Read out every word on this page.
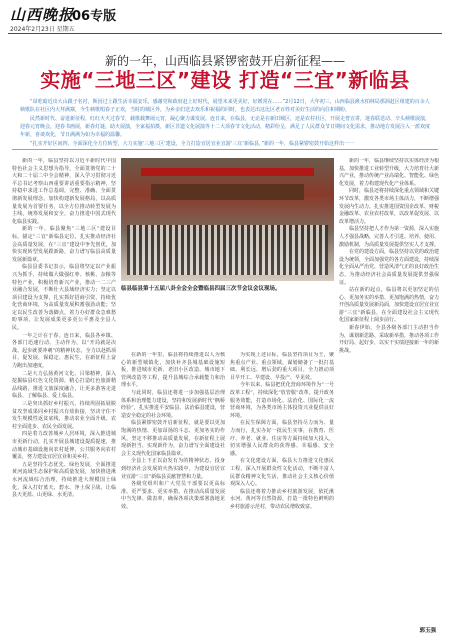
山西晚报
06专版
2024年2月23日 星期五
新的一年，山西临县紧锣密鼓开启新征程——
实施“三地三区”建设 打造“三宜”新临县

“昂吃暗近出大山跟子名衬，斯因过上跟生活幸福安乐，感谢党和政府赶上好时代，展望未来更美好，好媛常在……”2月12日，大年初三，山西临县湫水柏林局那洞赶区组建的百余人秧歌队在社区内大拜满寨，今生秧歌唱春子正欢，当时的城区外，为乡亲们送去欢乐和祝福的同时，也表达出这比区老百姓对美好生活的向往和期盼。

民然新时代、奋进新征程，红红火火过春节，载歌载舞闹元宵，凝心聚力谋发展。连日来，在临县，无论是在新田城区，还是农村社区，开展走普宣讲，迷春联送动、辛头秧歌展演，迎春元宵晚会，迎春书画展，新春灯谜，助火展演，全家福拍摄，新区非遗文化展演等十二大项春节文化活动，精彩纷呈，满足了人民群众节日期间文化需求，推动地方发展注入一派欢度年新，喜谈欢化，节日满满为如为幸福的温馨。

“扎实开好区间四，全面深化全方位转型，大力实施‘三地三区’建设，全力打造宜居宜业宜游‘三宜’新临县，”新的一年，临县紧锣密鼓开始这样出一一

新的一年，临县坚持以习近平新时代中国特色社会主义思想为指导，全面贯彻党的二十大和二十届二中全会精神，深入学习贯彻习近平总书记考察山西重要讲话重要指示精神，坚持稳中求进工作总基调，完整、准确、全面贯彻新发展理念，加快构建新发展格局，以高质量发展为首要任务，以全方位推动转型发展为主线，统筹发展和安全，奋力推进中国式现代化临县实践。

新的一年，临县聚焦“三地三区”建设目标，锚定“三宜”新临县定位，扎实推动经济社会高质量发展，在“三宜”建设中争先创优，加快实现转型发展蹚新路，奋力谱写临县高质量发展新篇章。

临县县委书记表示，临县将坚定以产业振兴为抓手，持续做大做强红枣、核桃、杂粮等特色产业，积极培育新兴产业，推动一二三产业融合发展，不断壮大县域经济实力；坚定以项目建设为支撑，扎实抓好招商引资，持续优化营商环境，为高质量发展积蓄强劲动能；坚定以民生改善为落脚点，着力办好群众急难愁盼事项，让发展成果更多更公平惠及全县人民。

一年之计在于春。连日来，临县各乡镇、各部门迅速行动、主动作为，以“开局就是决战、起步就要冲刺”的精神状态，全力以赴抓项目、促发展、保稳定、惠民生，在新征程上奋力跑出加速度。

二是大力弘扬黄河文化、吕梁精神，深入挖掘临县红色文化资源，精心打造红色旅游精品线路，推进文旅深度融合，让更多游客走进临县、了解临县、爱上临县。

三是突出抓好乡村振兴，持续巩固拓展脱贫攻坚成果同乡村振兴有效衔接，坚决守住不发生规模性返贫底线，推动农业全面升级、农村全面进步、农民全面发展。

四是着力改善城乡人居环境，深入推进城市更新行动，扎实开展县城建设提质提速，推动城市基础设施向农村延伸、公共服务向农村覆盖，努力建设宜居宜业和美乡村。

五是坚持生态优先、绿色发展，全面推进黄河流域生态保护和高质量发展，加快推进湫水河流域综合治理，持续推进大规模国土绿化，深入打好蓝天、碧水、净土保卫战，让临县天更蓝、山更绿、水更清。

临县临县第十五届八卦全会全会暨临县四届三次节会议会议现场。

在新的一年里，临县将持续推进以人为核心的新型城镇化，加快补齐县城基础设施短板，推进城市更新、老旧小区改造、城市地下管网改造等工程，提升县城综合承载能力和治理水平。

与此同时，临县还将进一步加强基层治理体系和治理能力建设，坚持和发展新时代“枫桥经验”，扎实推进平安临县、法治临县建设，营造安全稳定的社会环境。

临县紧锣密鼓开启新征程，就是要以更加饱满的热情、更加昂扬的斗志、更加务实的作风，坚定不移推动高质量发展，在新征程上展现新担当、实现新作为，奋力谱写全面建设社会主义现代化国家临县篇章。

全县上下正以奋发有为的精神状态，投身到经济社会发展的火热实践中，为建设宜居宜业宜游“三宜”新临县贡献智慧和力量。

各级党组织和广大党员干部要以更高标准、更严要求、更实举措，在推动高质量发展中当先锋、做表率，确保各项决策部署落地见效。

为实现上述目标，临县坚持项目为王，聚焦重点产业、重点领域，谋划储备了一批打基础、利长远、增后劲的重大项目，全力推动项目早开工、早建设、早投产、早见效。

今年以来，临县把优化营商环境作为“一号改革工程”，持续深化“放管服”改革，提升政务服务效能，打造市场化、法治化、国际化一流营商环境，为各类市场主体投资兴业提供良好环境。

在民生保障方面，临县坚持尽力而为、量力而行，扎实办好一批民生实事，在教育、医疗、养老、就业、住房等方面持续加大投入，切实增强人民群众的获得感、幸福感、安全感。

在文化建设方面，临县大力推进文化惠民工程，深入开展群众性文化活动，不断丰富人民群众精神文化生活，推动社会主义核心价值观深入人心。

临县还将着力推动乡村旅游发展，依托湫水河、黄河等自然资源，打造一批特色鲜明的乡村旅游示范村，带动农民增收致富。

新的一年，临县继续坚持以实体经济为根基，加快推进工业转型升级，大力培育壮大新兴产业，推动传统产业高端化、智能化、绿色化发展，着力构建现代化产业体系。

同时，临县还将持续深化重点领域和关键环节改革，激发各类市场主体活力，不断增强发展内生动力。扎实推进国资国企改革、财税金融改革、农业农村改革，以改革促发展、以改革增活力。

临县坚持把人才作为第一资源，深入实施人才强县战略，完善人才引进、培养、使用、激励机制，为高质量发展提供坚实人才支撑。

在党的建设方面，临县坚持以党的政治建设为统领，全面加强党的各方面建设，持续深化全面从严治党，营造风清气正的良好政治生态，为推动经济社会高质量发展提供坚强保证。

站在新的起点，临县将以更加坚定的信心、更加务实的举措、更加饱满的热情，奋力开创高质量发展新局面，加快建设宜居宜业宜游“三宜”新临县，在全面建设社会主义现代化国家新征程上阔步前行。

新春伊始，全县各级各部门主动担当作为，谋划新思路、采取新举措，推动各项工作开好局、起好步，以实干实绩迎接新一年的新挑战。

郭玉强
